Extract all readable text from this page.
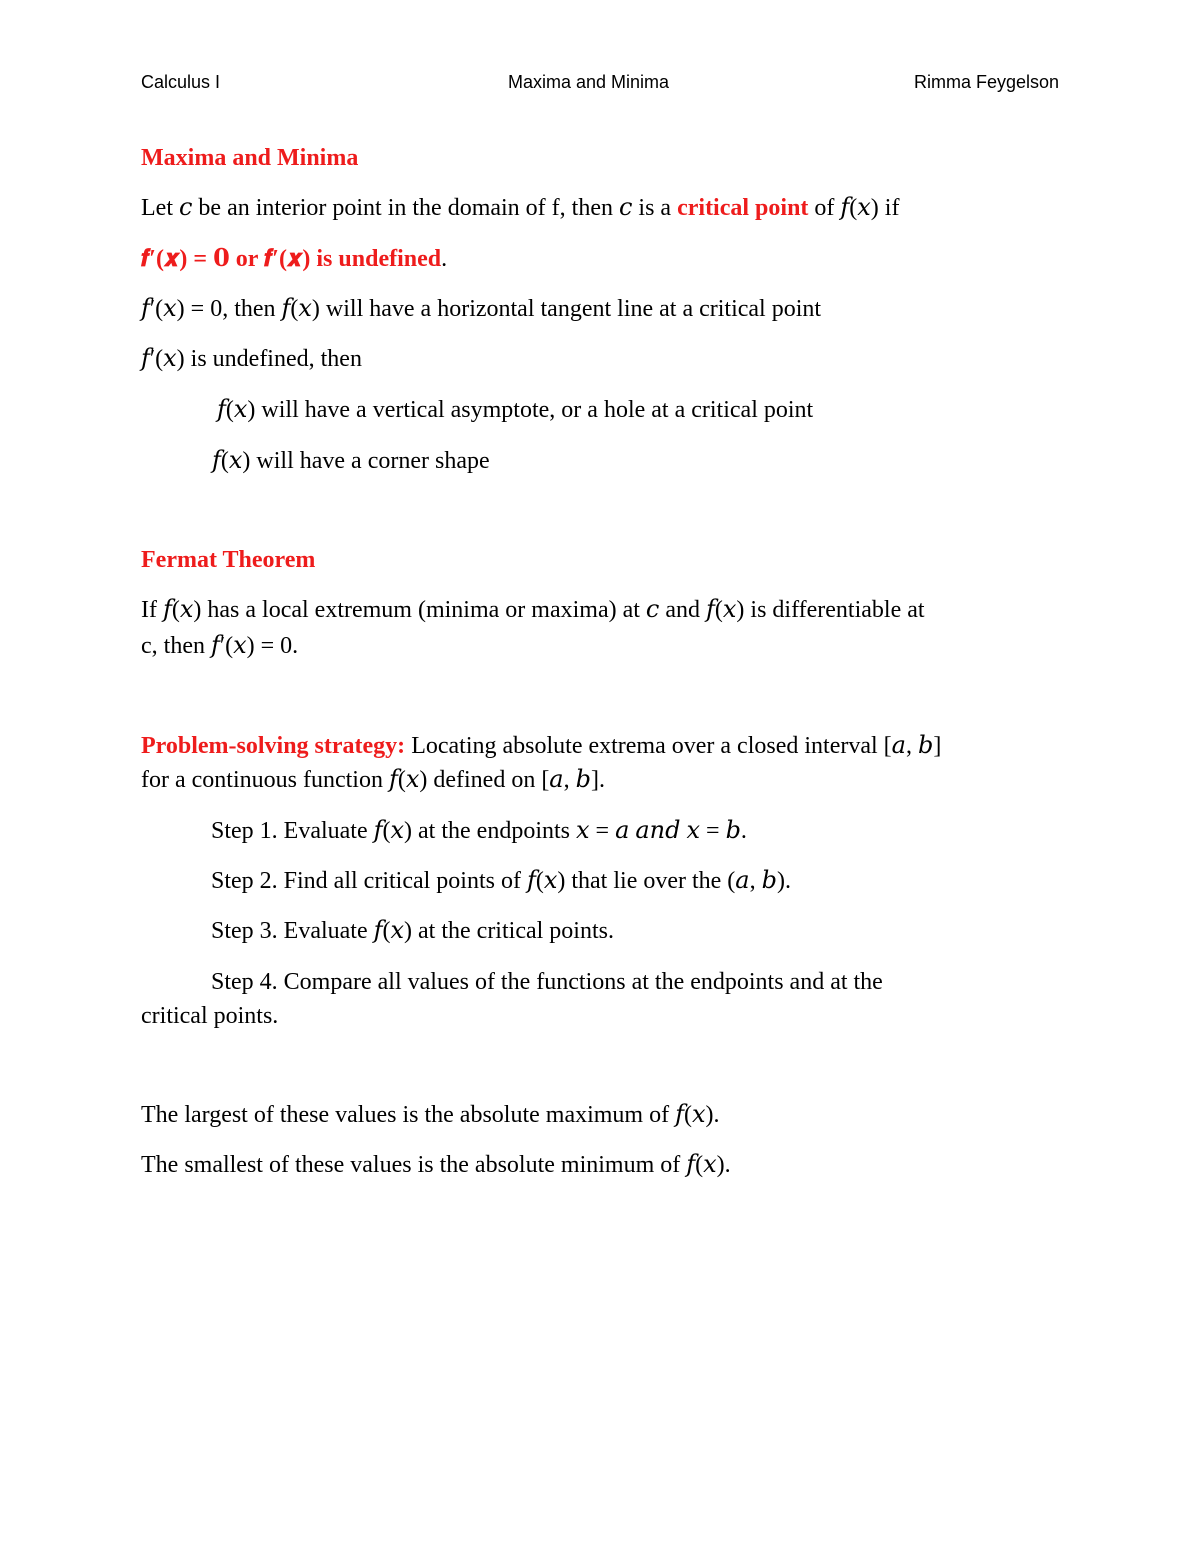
Calculus I	Maxima and Minima	Rimma Feygelson
Maxima and Minima
Let 𝑐 be an interior point in the domain of f, then 𝑐 is a critical point of 𝑓(𝑥) if
𝒇′(𝒙) = 𝟎 or 𝒇′(𝒙) is undefined.
𝑓′(𝑥) = 0, then 𝑓(𝑥) will have a horizontal tangent line at a critical point
𝑓′(𝑥) is undefined, then
𝑓(𝑥) will have a vertical asymptote, or a hole at a critical point
𝑓(𝑥) will have a corner shape
Fermat Theorem
If 𝑓(𝑥) has a local extremum (minima or maxima) at 𝑐 and 𝑓(𝑥) is differentiable at
c, then 𝑓′(𝑥) = 0.
Problem-solving strategy: Locating absolute extrema over a closed interval [𝑎, 𝑏]
for a continuous function 𝑓(𝑥) defined on [𝑎, 𝑏].
Step 1. Evaluate 𝑓(𝑥) at the endpoints 𝑥 = 𝑎 𝑎𝑛𝑑 𝑥 = 𝑏.
Step 2. Find all critical points of 𝑓(𝑥) that lie over the (𝑎, 𝑏).
Step 3. Evaluate 𝑓(𝑥) at the critical points.
Step 4. Compare all values of the functions at the endpoints and at the
critical points.
The largest of these values is the absolute maximum of 𝑓(𝑥).
The smallest of these values is the absolute minimum of 𝑓(𝑥).
